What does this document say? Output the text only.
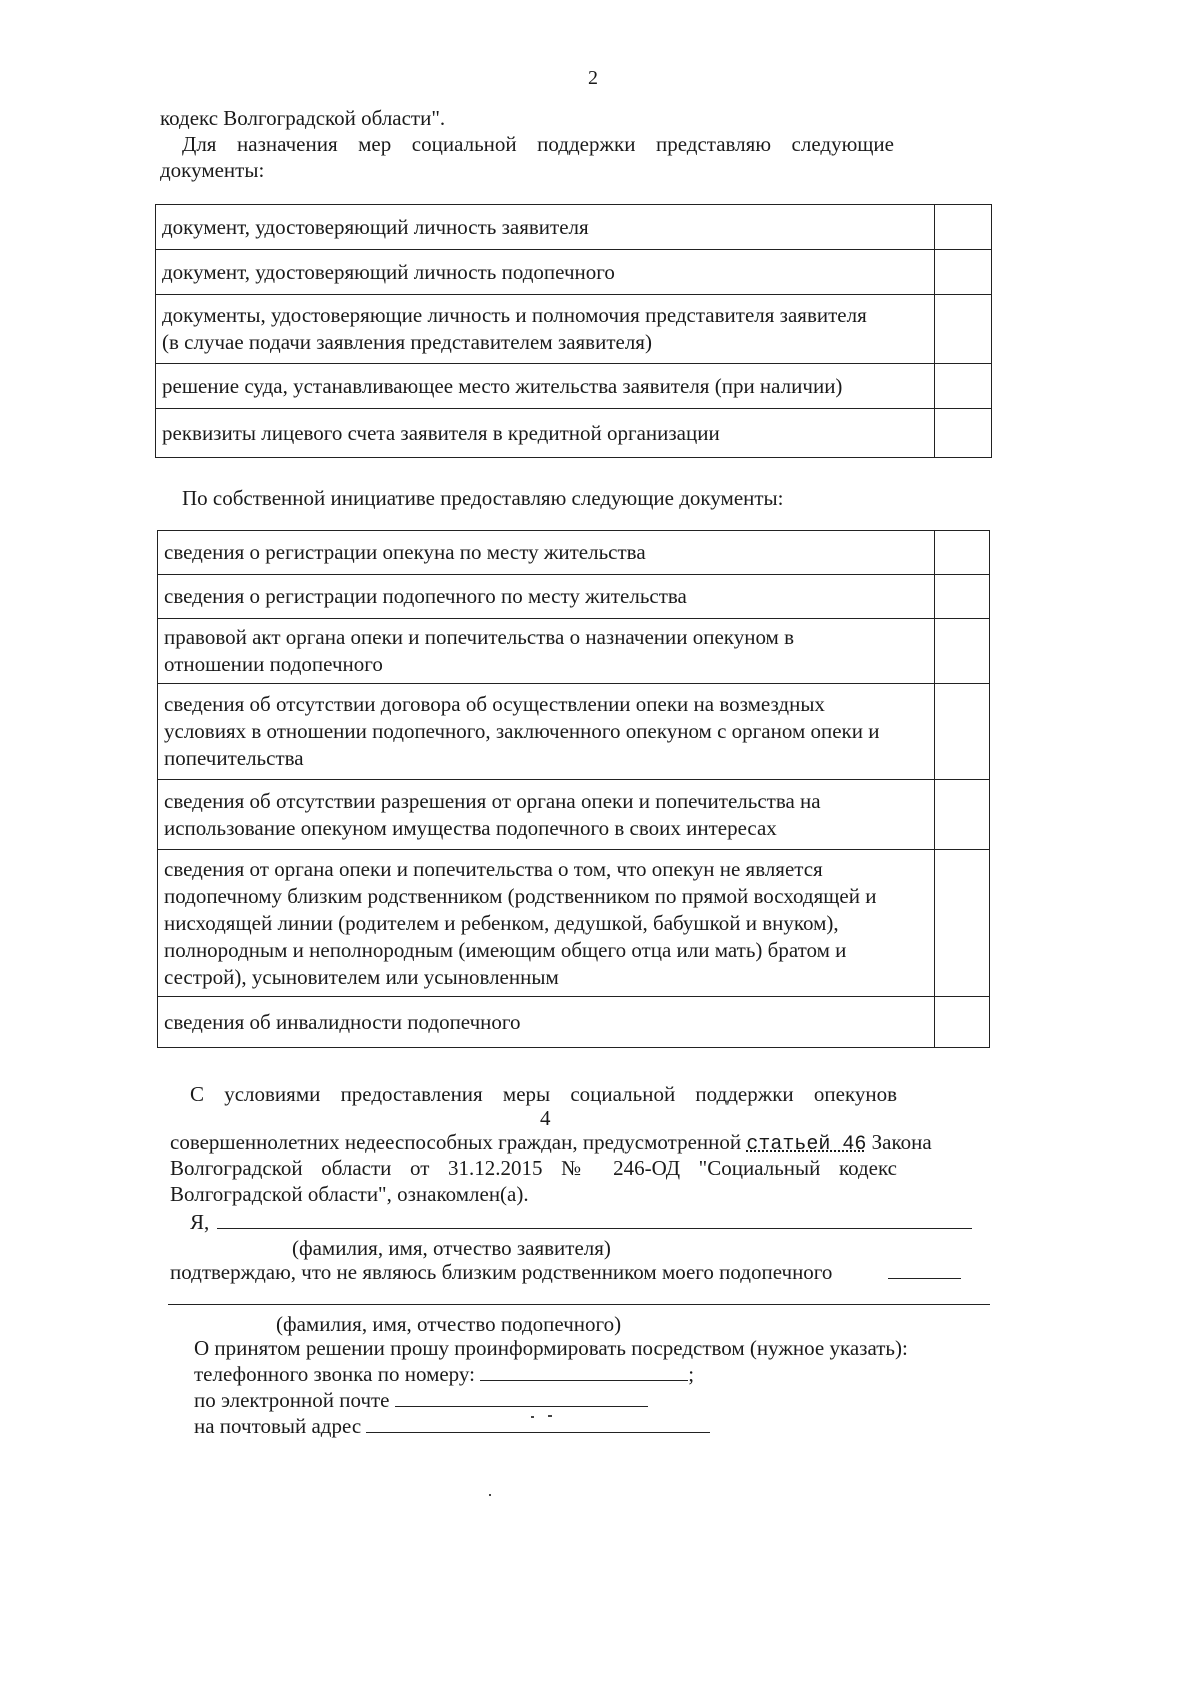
2
кодекс Волгоградской области".
Для назначения мер социальной поддержки представляю следующие
документы:
документ, удостоверяющий личность заявителя	

документ, удостоверяющий личность подопечного	

документы, удостоверяющие личность и полномочия представителя заявителя
(в случае подачи заявления представителем заявителя)	

решение суда, устанавливающее место жительства заявителя (при наличии)	

реквизиты лицевого счета заявителя в кредитной организации	

По собственной инициативе предоставляю следующие документы:
сведения о регистрации опекуна по месту жительства	

сведения о регистрации подопечного по месту жительства	

правовой акт органа опеки и попечительства о назначении опекуном в
отношении подопечного	

сведения об отсутствии договора об осуществлении опеки на возмездных
условиях в отношении подопечного, заключенного опекуном с органом опеки и
попечительства	

сведения об отсутствии разрешения от органа опеки и попечительства на
использование опекуном имущества подопечного в своих интересах	

сведения от органа опеки и попечительства о том, что опекун не является
подопечному близким родственником (родственником по прямой восходящей и
нисходящей линии (родителем и ребенком, дедушкой, бабушкой и внуком),
полнородным и неполнородным (имеющим общего отца или мать) братом и
сестрой), усыновителем или усыновленным	

сведения об инвалидности подопечного	

С условиями предоставления меры социальной поддержки опекунов
4
совершеннолетних недееспособных граждан, предусмотренной статьей 46 Закона
Волгоградской области от 31.12.2015 № 246-ОД "Социальный кодекс
Волгоградской области", ознакомлен(а).
Я,
(фамилия, имя, отчество заявителя)
подтверждаю, что не являюсь близким родственником моего подопечного
(фамилия, имя, отчество подопечного)
О принятом решении прошу проинформировать посредством (нужное указать):
телефонного звонка по номеру:	;
по электронной почте
на почтовый адрес
